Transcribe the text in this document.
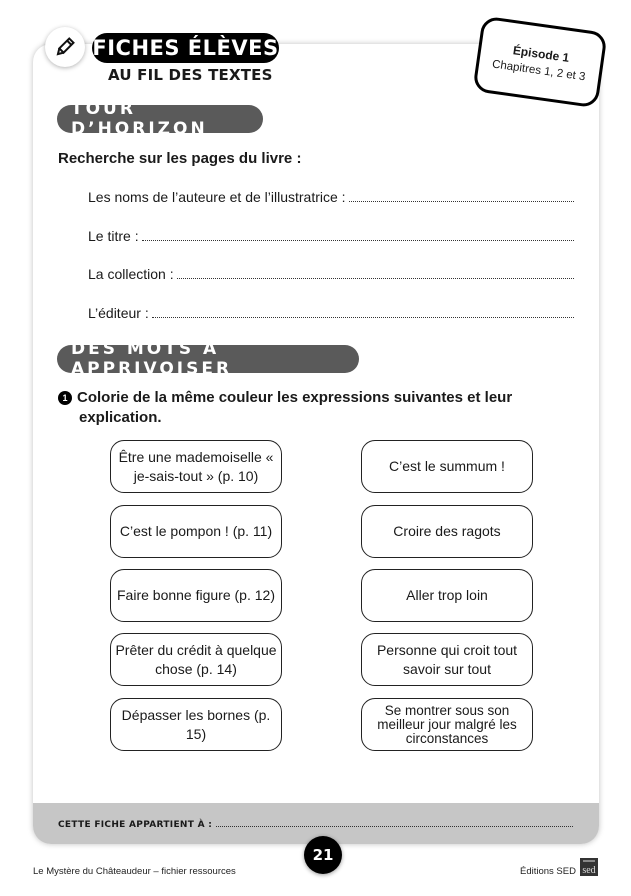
FICHES ÉLÈVES
AU FIL DES TEXTES
Épisode 1
Chapitres 1, 2 et 3
TOUR D’HORIZON
Recherche sur les pages du livre :
Les noms de l’auteure et de l’illustratrice :
Le titre :
La collection :
L’éditeur :
DES MOTS À APPRIVOISER
1 Colorie de la même couleur les expressions suivantes et leur
explication.
Être une mademoiselle « je-sais-tout » (p. 10)
C’est le pompon ! (p. 11)
Faire bonne figure (p. 12)
Prêter du crédit à quelque chose (p. 14)
Dépasser les bornes (p. 15)
C’est le summum !
Croire des ragots
Aller trop loin
Personne qui croit tout savoir sur tout
Se montrer sous son meilleur jour malgré les circonstances
CETTE FICHE APPARTIENT À :
21
Le Mystère du Châteaudeur – fichier ressources	Éditions SED sed
